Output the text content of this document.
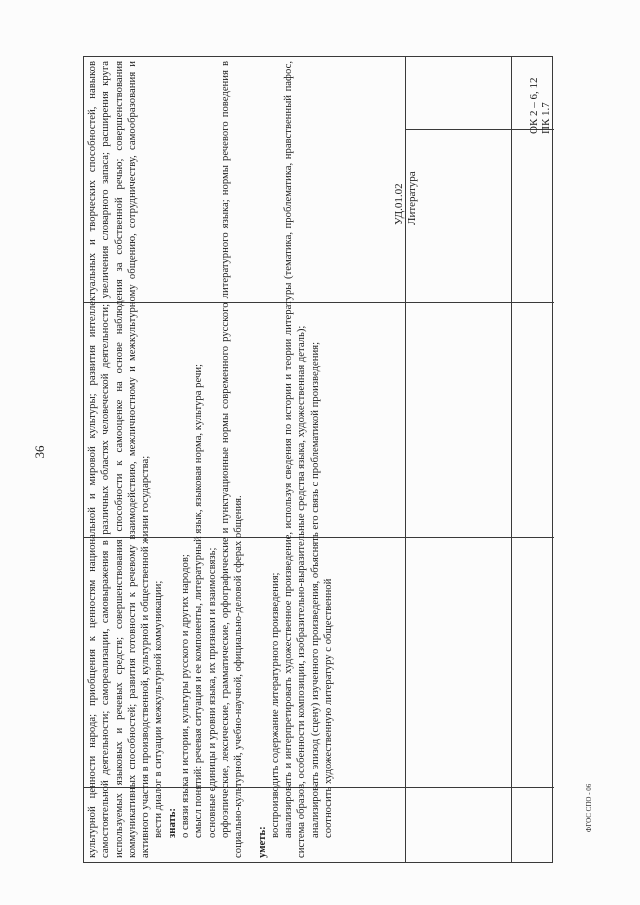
36	культурной ценности народа; приобщения к ценностям национальной и мировой культуры; развития интеллектуальных и творческих способностей, навыков самостоятельной деятельности; самореализации, самовыражения в различных областях человеческой деятельности; увеличения словарного запаса; расширения круга используемых языковых и речевых средств; совершенствования способности к самооценке на основе наблюдения за собственной речью; совершенствования коммуникативных способностей; развития готовности к речевому взаимодействию, межличностному и межкультурному общению, сотрудничеству, самообразования и активного участия в производственной, культурной и общественной жизни государства; вести диалог в ситуации межкультурной коммуникации; знать: о связи языка и истории, культуры русского и других народов; смысл понятий: речевая ситуация и ее компоненты, литературный язык, языковая норма, культура речи; основные единицы и уровни языка, их признаки и взаимосвязь; орфоэпические, лексические, грамматические, орфографические и пунктуационные нормы современного русского литературного языка; нормы речевого поведения в социально-культурной, учебно-научной, официально-деловой сферах общения. уметь:

воспроизводить содержание литературного произведения; анализировать и интерпретировать художественное произведение, используя сведения по истории и теории литературы (тематика, проблематика, нравственный пафос, система образов, особенности композиции, изобразительно-выразительные средства языка, художественная деталь); анализировать эпизод (сцену) изученного произведения, объяснять его связь с проблематикой произведения; соотносить художественную литературу с общественной

УД.01.02 Литература
ОК 2 – 6, 12 ПК 1.7
ФГОС СПО - 06
